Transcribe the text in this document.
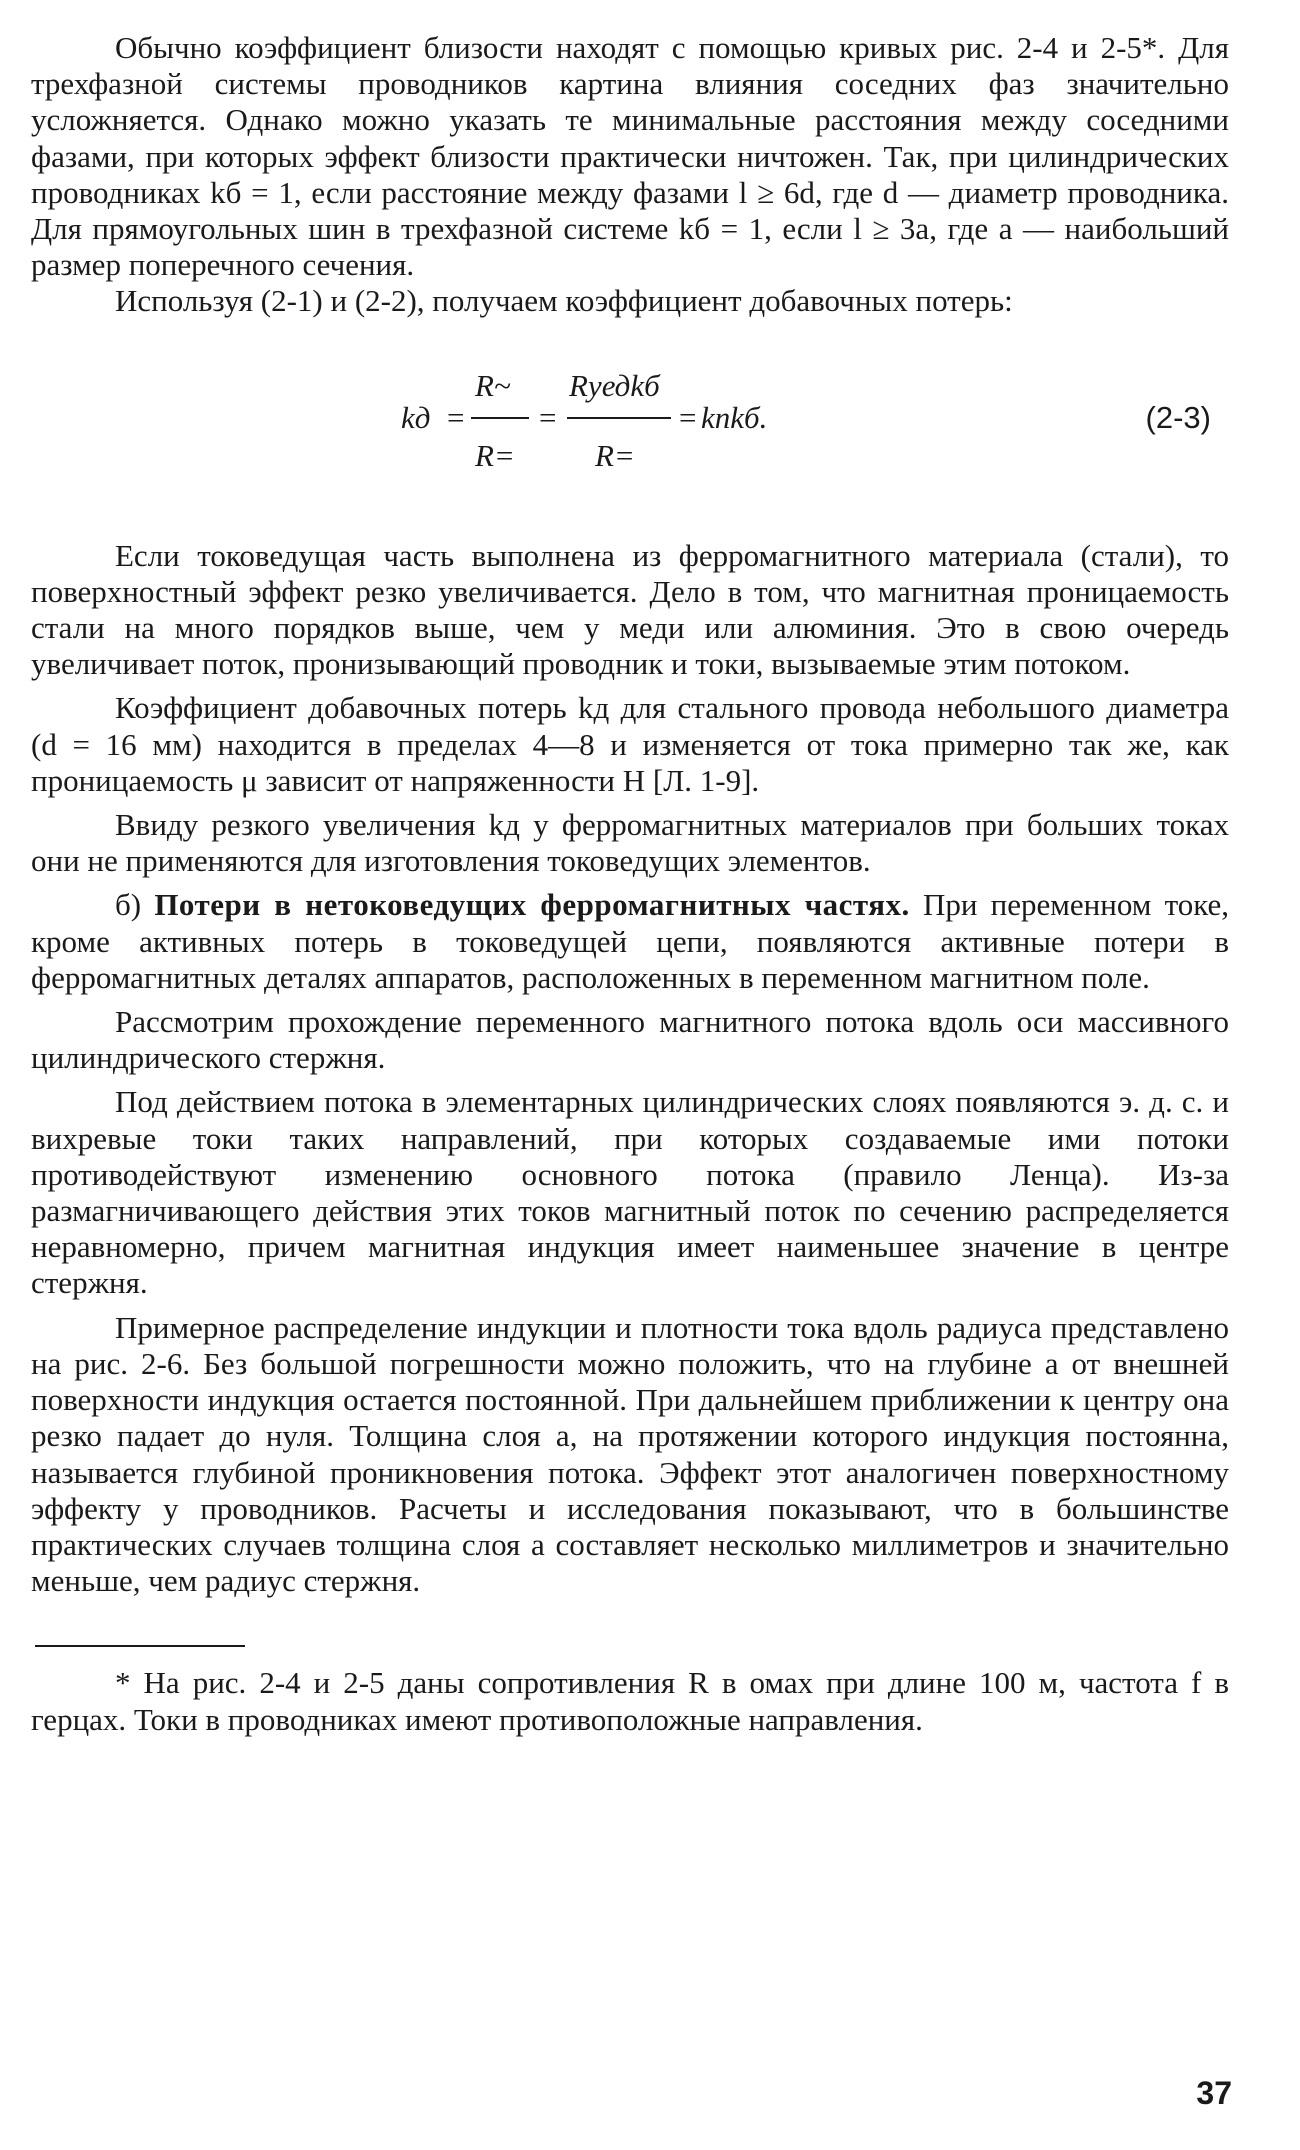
Обычно коэффициент близости находят с помощью кривых рис. 2-4 и 2-5*. Для трехфазной системы проводников картина влияния соседних фаз значительно усложняется. Однако можно указать те минимальные расстояния между соседними фазами, при которых эффект близости практически ничтожен. Так, при цилиндрических проводниках kб = 1, если расстояние между фазами l ≥ 6d, где d — диаметр проводника. Для прямоугольных шин в трехфазной системе kб = 1, если l ≥ 3a, где a — наибольший размер поперечного сечения.

Используя (2-1) и (2-2), получаем коэффициент добавочных потерь:

kд =
R~
R=
=
Rуедkб
R=
= kпkб.	(2-3)

Если токоведущая часть выполнена из ферромагнитного материала (стали), то поверхностный эффект резко увеличивается. Дело в том, что магнитная проницаемость стали на много порядков выше, чем у меди или алюминия. Это в свою очередь увеличивает поток, пронизывающий проводник и токи, вызываемые этим потоком.

Коэффициент добавочных потерь kд для стального провода небольшого диаметра (d = 16 мм) находится в пределах 4—8 и изменяется от тока примерно так же, как проницаемость μ зависит от напряженности H [Л. 1-9].

Ввиду резкого увеличения kд у ферромагнитных материалов при больших токах они не применяются для изготовления токоведущих элементов.

б) Потери в нетоковедущих ферромагнитных частях. При переменном токе, кроме активных потерь в токоведущей цепи, появляются активные потери в ферромагнитных деталях аппаратов, расположенных в переменном магнитном поле.

Рассмотрим прохождение переменного магнитного потока вдоль оси массивного цилиндрического стержня.

Под действием потока в элементарных цилиндрических слоях появляются э. д. с. и вихревые токи таких направлений, при которых создаваемые ими потоки противодействуют изменению основного потока (правило Ленца). Из-за размагничивающего действия этих токов магнитный поток по сечению распределяется неравномерно, причем магнитная индукция имеет наименьшее значение в центре стержня.

Примерное распределение индукции и плотности тока вдоль радиуса представлено на рис. 2-6. Без большой погрешности можно положить, что на глубине a от внешней поверхности индукция остается постоянной. При дальнейшем приближении к центру она резко падает до нуля. Толщина слоя a, на протяжении которого индукция постоянна, называется глубиной проникновения потока. Эффект этот аналогичен поверхностному эффекту у проводников. Расчеты и исследования показывают, что в большинстве практических случаев толщина слоя a составляет несколько миллиметров и значительно меньше, чем радиус стержня.

* На рис. 2-4 и 2-5 даны сопротивления R в омах при длине 100 м, частота f в герцах. Токи в проводниках имеют противоположные направления.

37
